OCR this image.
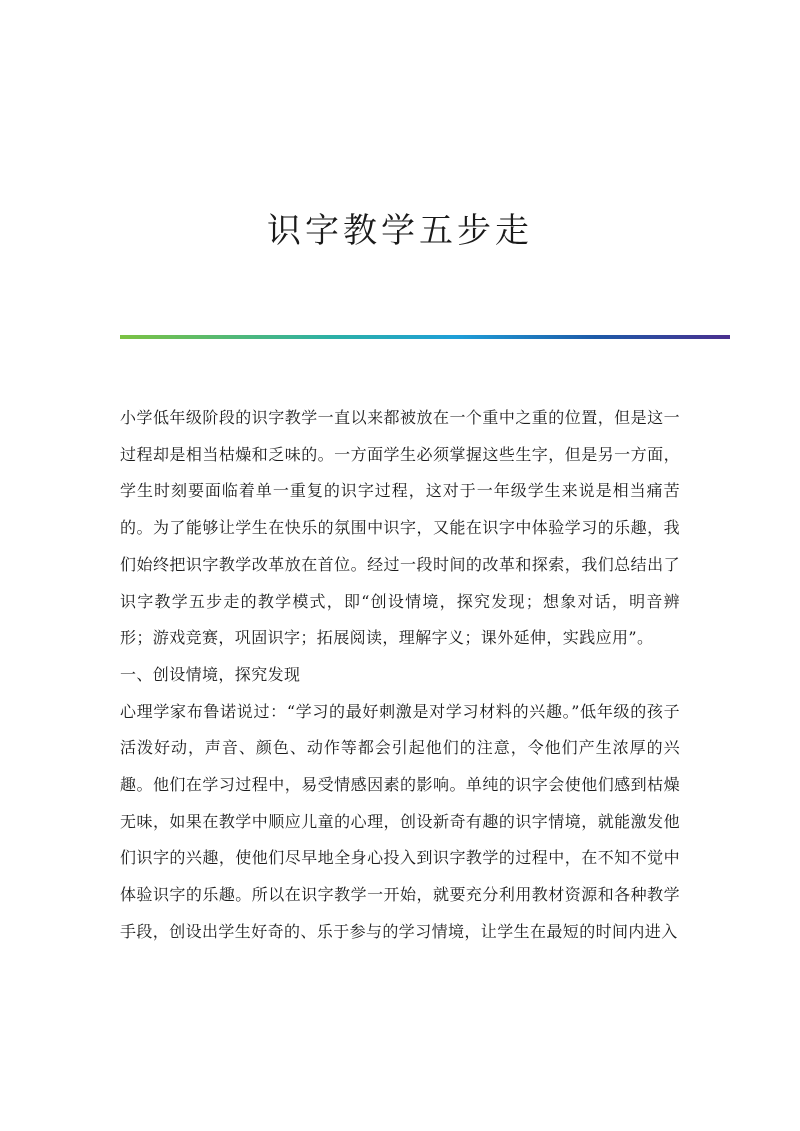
识字教学五步走

小学低年级阶段的识字教学一直以来都被放在一个重中之重的位置，但是这一过程却是相当枯燥和乏味的。一方面学生必须掌握这些生字，但是另一方面，学生时刻要面临着单一重复的识字过程，这对于一年级学生来说是相当痛苦的。为了能够让学生在快乐的氛围中识字，又能在识字中体验学习的乐趣，我们始终把识字教学改革放在首位。经过一段时间的改革和探索，我们总结出了识字教学五步走的教学模式，即“创设情境，探究发现；想象对话，明音辨形；游戏竞赛，巩固识字；拓展阅读，理解字义；课外延伸，实践应用”。

一、创设情境，探究发现

心理学家布鲁诺说过：“学习的最好刺激是对学习材料的兴趣。”低年级的孩子活泼好动，声音、颜色、动作等都会引起他们的注意，令他们产生浓厚的兴趣。他们在学习过程中，易受情感因素的影响。单纯的识字会使他们感到枯燥无味，如果在教学中顺应儿童的心理，创设新奇有趣的识字情境，就能激发他们识字的兴趣，使他们尽早地全身心投入到识字教学的过程中，在不知不觉中体验识字的乐趣。所以在识字教学一开始，就要充分利用教材资源和各种教学手段，创设出学生好奇的、乐于参与的学习情境，让学生在最短的时间内进入
